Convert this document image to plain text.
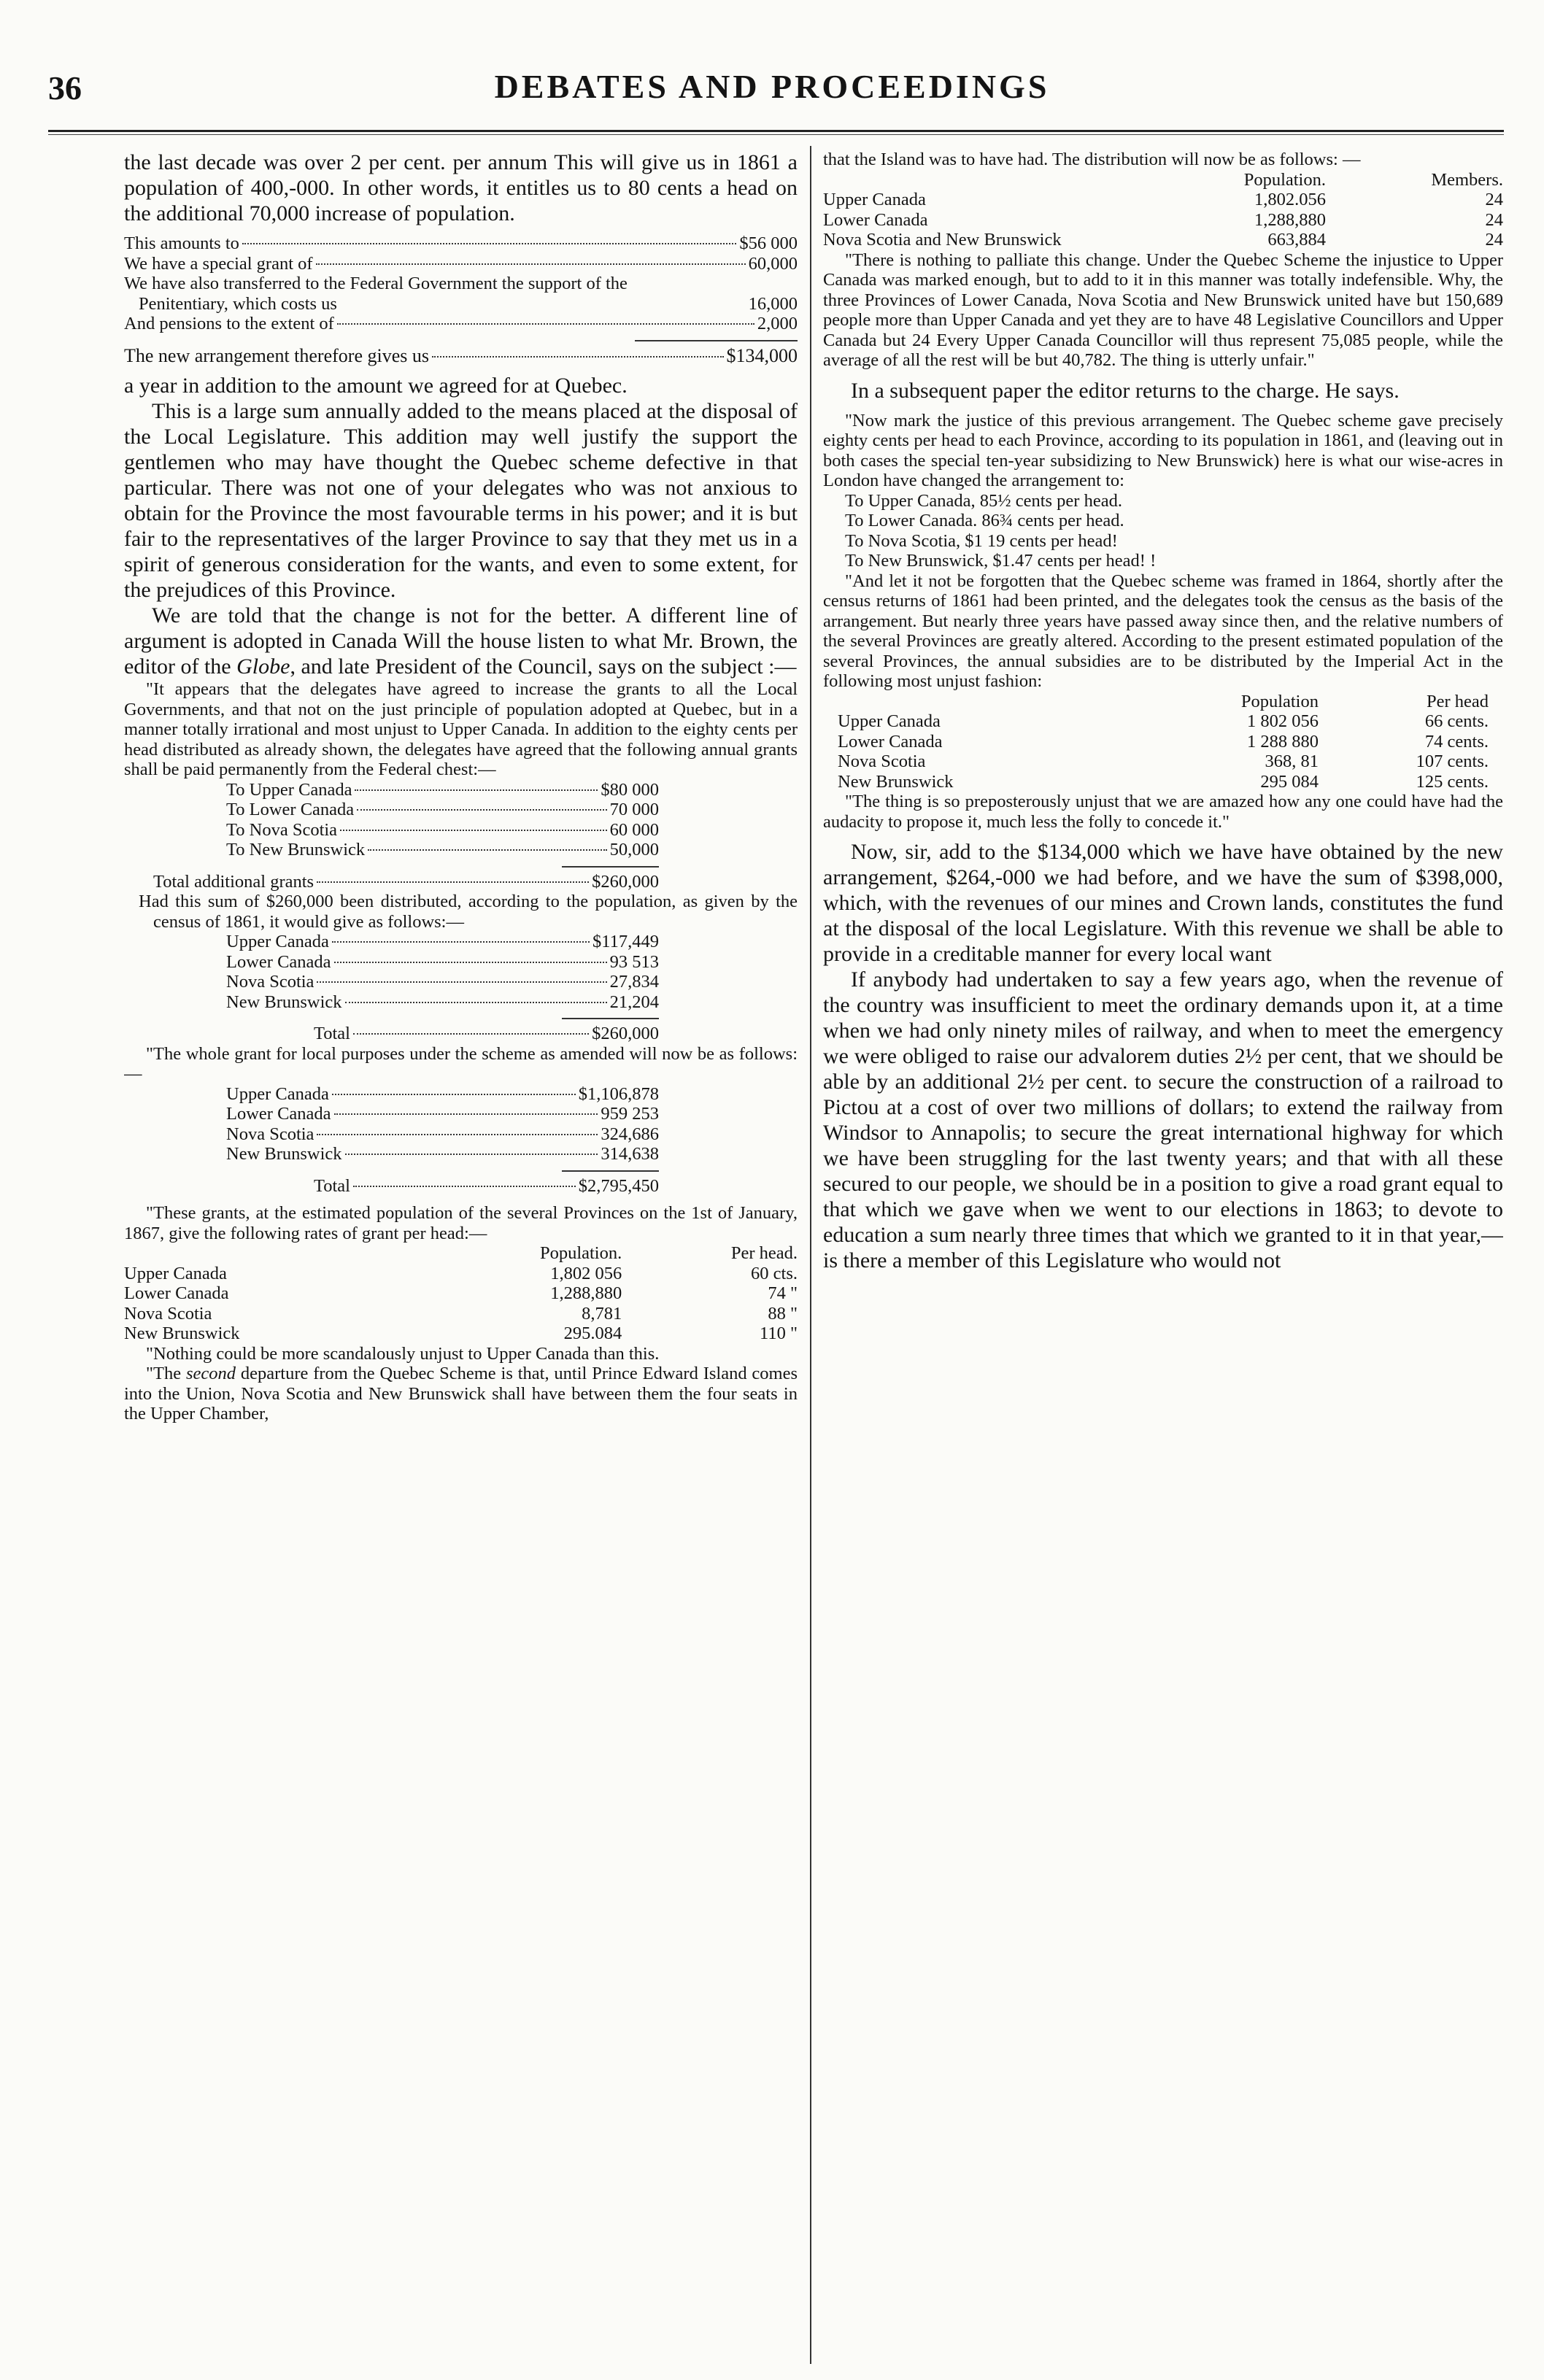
36	DEBATES AND PROCEEDINGS

the last decade was over 2 per cent. per annum This will give us in 1861 a population of 400,-000. In other words, it entitles us to 80 cents a head on the additional 70,000 increase of population.

This amounts to	$56 000
We have a special grant of	60,000
We have also transferred to the Federal Government the support of the Penitentiary, which costs us	16,000
And pensions to the extent of	2,000
The new arrangement therefore gives us	$134,000

a year in addition to the amount we agreed for at Quebec.

This is a large sum annually added to the means placed at the disposal of the Local Legislature. This addition may well justify the support the gentlemen who may have thought the Quebec scheme defective in that particular. There was not one of your delegates who was not anxious to obtain for the Province the most favourable terms in his power; and it is but fair to the representatives of the larger Province to say that they met us in a spirit of generous consideration for the wants, and even to some extent, for the prejudices of this Province.

We are told that the change is not for the better. A different line of argument is adopted in Canada Will the house listen to what Mr. Brown, the editor of the Globe, and late President of the Council, says on the subject :—

"It appears that the delegates have agreed to increase the grants to all the Local Governments, and that not on the just principle of population adopted at Quebec, but in a manner totally irrational and most unjust to Upper Canada. In addition to the eighty cents per head distributed as already shown, the delegates have agreed that the following annual grants shall be paid permanently from the Federal chest:—

To Upper Canada	$80 000
To Lower Canada	70 000
To Nova Scotia	60 000
To New Brunswick	50,000
Total additional grants	$260,000

Had this sum of $260,000 been distributed, according to the population, as given by the census of 1861, it would give as follows:—

Upper Canada	$117,449
Lower Canada	93 513
Nova Scotia	27,834
New Brunswick	21,204
Total	$260,000

"The whole grant for local purposes under the scheme as amended will now be as follows:—

Upper Canada	$1,106,878
Lower Canada	959 253
Nova Scotia	324,686
New Brunswick	314,638
Total	$2,795,450

"These grants, at the estimated population of the several Provinces on the 1st of January, 1867, give the following rates of grant per head:—

	Population.	Per head.
Upper Canada	1,802 056	60 cts.
Lower Canada	1,288,880	74 "
Nova Scotia	8,781	88 "
New Brunswick	295.084	110 "

"Nothing could be more scandalously unjust to Upper Canada than this.

"The second departure from the Quebec Scheme is that, until Prince Edward Island comes into the Union, Nova Scotia and New Brunswick shall have between them the four seats in the Upper Chamber,

that the Island was to have had. The distribution will now be as follows: —

	Population.	Members.
Upper Canada	1,802.056	24
Lower Canada	1,288,880	24
Nova Scotia and New Brunswick	663,884	24

"There is nothing to palliate this change. Under the Quebec Scheme the injustice to Upper Canada was marked enough, but to add to it in this manner was totally indefensible. Why, the three Provinces of Lower Canada, Nova Scotia and New Brunswick united have but 150,689 people more than Upper Canada and yet they are to have 48 Legislative Councillors and Upper Canada but 24 Every Upper Canada Councillor will thus represent 75,085 people, while the average of all the rest will be but 40,782. The thing is utterly unfair."

In a subsequent paper the editor returns to the charge. He says.

"Now mark the justice of this previous arrangement. The Quebec scheme gave precisely eighty cents per head to each Province, according to its population in 1861, and (leaving out in both cases the special ten-year subsidizing to New Brunswick) here is what our wise-acres in London have changed the arrangement to:

To Upper Canada, 85½ cents per head.

To Lower Canada. 86¾ cents per head.

To Nova Scotia, $1 19 cents per head!

To New Brunswick, $1.47 cents per head! !

"And let it not be forgotten that the Quebec scheme was framed in 1864, shortly after the census returns of 1861 had been printed, and the delegates took the census as the basis of the arrangement. But nearly three years have passed away since then, and the relative numbers of the several Provinces are greatly altered. According to the present estimated population of the several Provinces, the annual subsidies are to be distributed by the Imperial Act in the following most unjust fashion:

	Population	Per head
Upper Canada	1 802 056	66 cents.
Lower Canada	1 288 880	74 cents.
Nova Scotia	368, 81	107 cents.
New Brunswick	295 084	125 cents.

"The thing is so preposterously unjust that we are amazed how any one could have had the audacity to propose it, much less the folly to concede it."

Now, sir, add to the $134,000 which we have have obtained by the new arrangement, $264,-000 we had before, and we have the sum of $398,000, which, with the revenues of our mines and Crown lands, constitutes the fund at the disposal of the local Legislature. With this revenue we shall be able to provide in a creditable manner for every local want

If anybody had undertaken to say a few years ago, when the revenue of the country was insufficient to meet the ordinary demands upon it, at a time when we had only ninety miles of railway, and when to meet the emergency we were obliged to raise our advalorem duties 2½ per cent, that we should be able by an additional 2½ per cent. to secure the construction of a railroad to Pictou at a cost of over two millions of dollars; to extend the railway from Windsor to Annapolis; to secure the great international highway for which we have been struggling for the last twenty years; and that with all these secured to our people, we should be in a position to give a road grant equal to that which we gave when we went to our elections in 1863; to devote to education a sum nearly three times that which we granted to it in that year,—is there a member of this Legislature who would not
